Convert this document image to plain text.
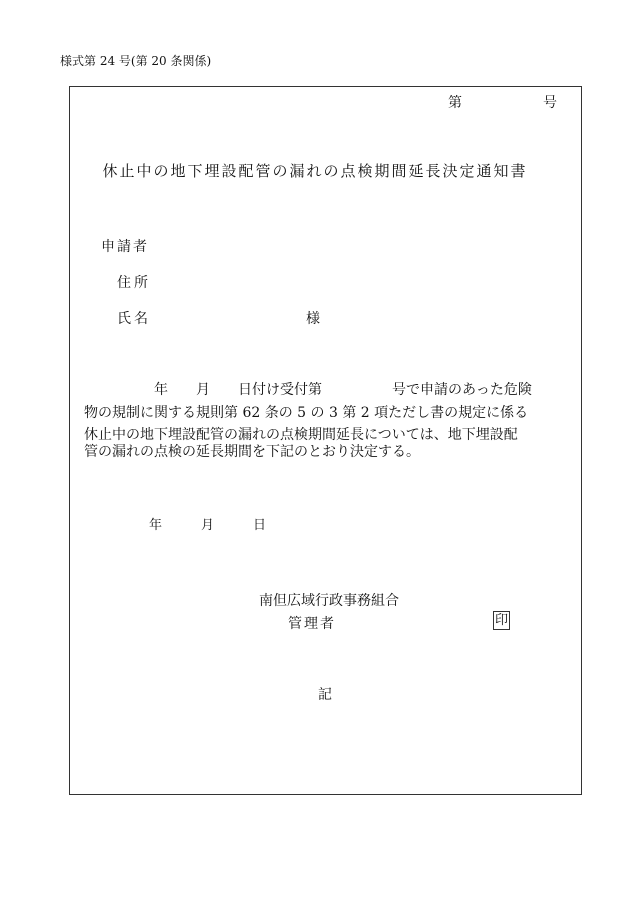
様式第 24 号(第 20 条関係)
第	号
休止中の地下埋設配管の漏れの点検期間延長決定通知書
申請者
住所
氏名	様
　　　　　年　　月　　日付け受付第　　　　　号で申請のあった危険
物の規制に関する規則第 62 条の 5 の 3 第 2 項ただし書の規定に係る
休止中の地下埋設配管の漏れの点検期間延長については、地下埋設配
管の漏れの点検の延長期間を下記のとおり決定する。
年　　　月　　　日
南但広域行政事務組合
管理者	印
記
